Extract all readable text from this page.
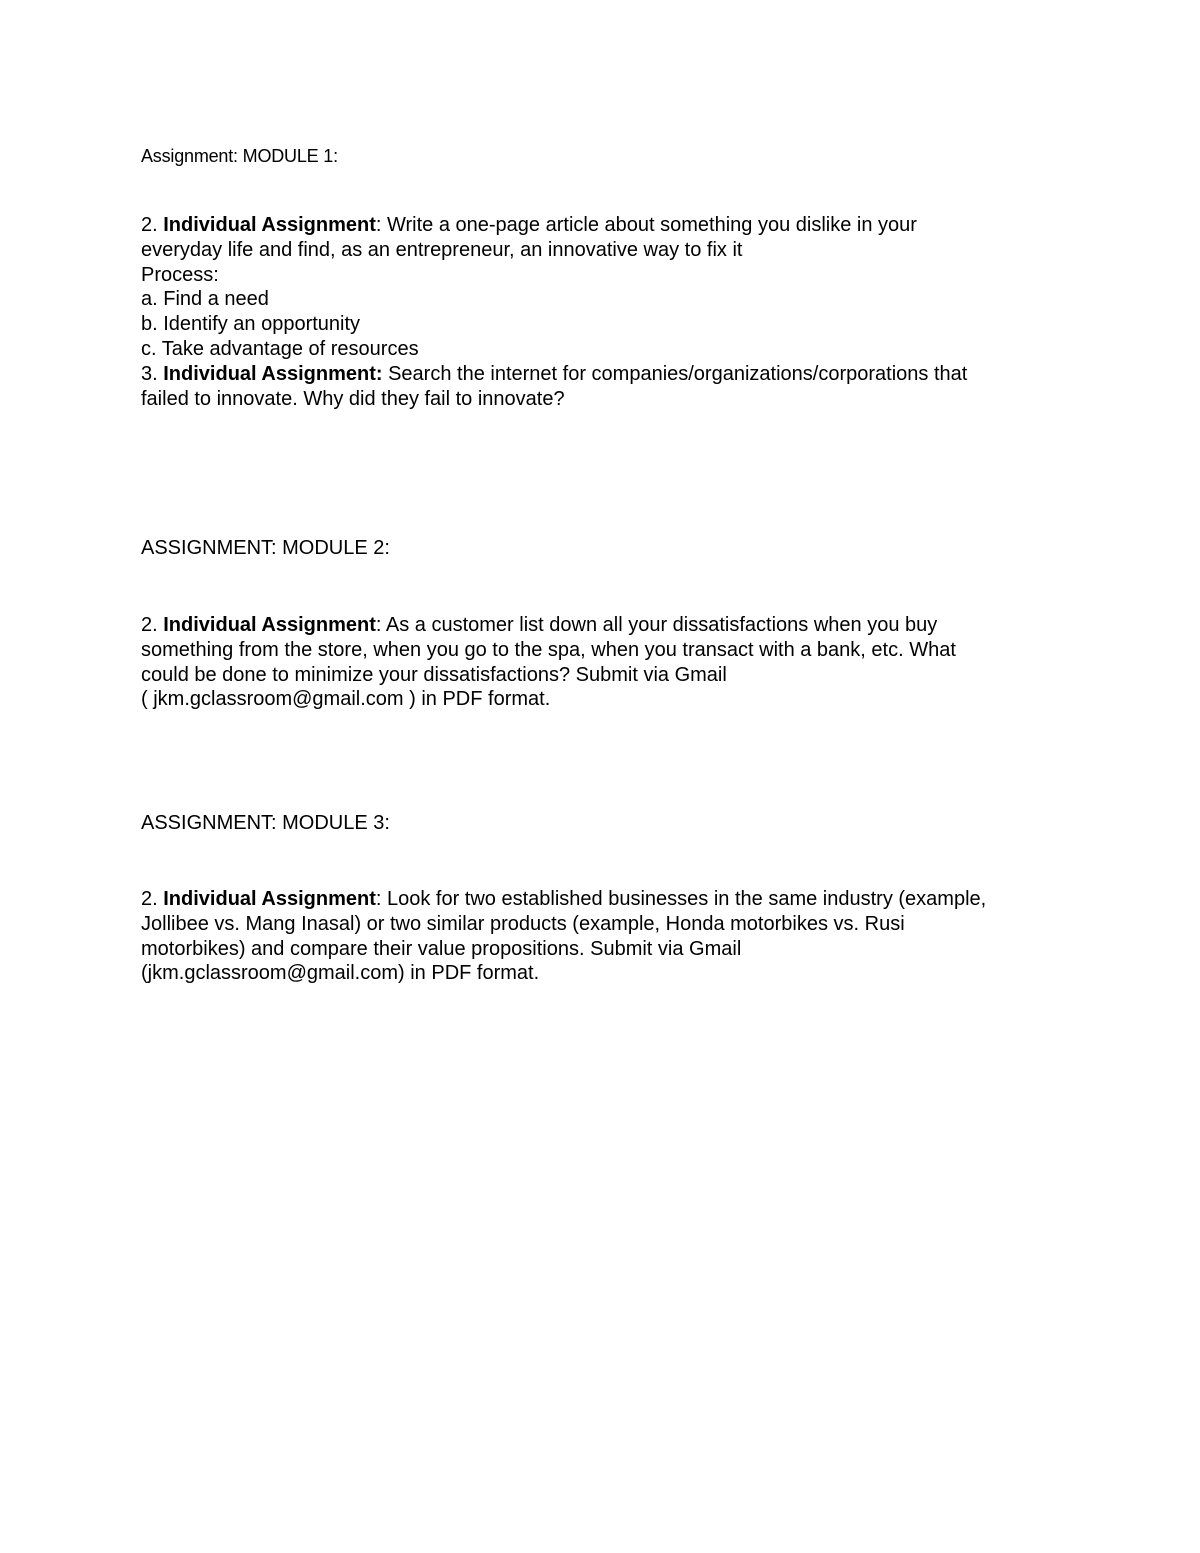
Assignment: MODULE 1:
2. Individual Assignment: Write a one-page article about something you dislike in your
everyday life and find, as an entrepreneur, an innovative way to fix it
Process:
a. Find a need
b. Identify an opportunity
c. Take advantage of resources
3. Individual Assignment: Search the internet for companies/organizations/corporations that
failed to innovate. Why did they fail to innovate?
ASSIGNMENT: MODULE 2:
2. Individual Assignment: As a customer list down all your dissatisfactions when you buy
something from the store, when you go to the spa, when you transact with a bank, etc. What
could be done to minimize your dissatisfactions? Submit via Gmail
( jkm.gclassroom@gmail.com ) in PDF format.
ASSIGNMENT: MODULE 3:
2. Individual Assignment: Look for two established businesses in the same industry (example,
Jollibee vs. Mang Inasal) or two similar products (example, Honda motorbikes vs. Rusi
motorbikes) and compare their value propositions. Submit via Gmail
(jkm.gclassroom@gmail.com) in PDF format.
